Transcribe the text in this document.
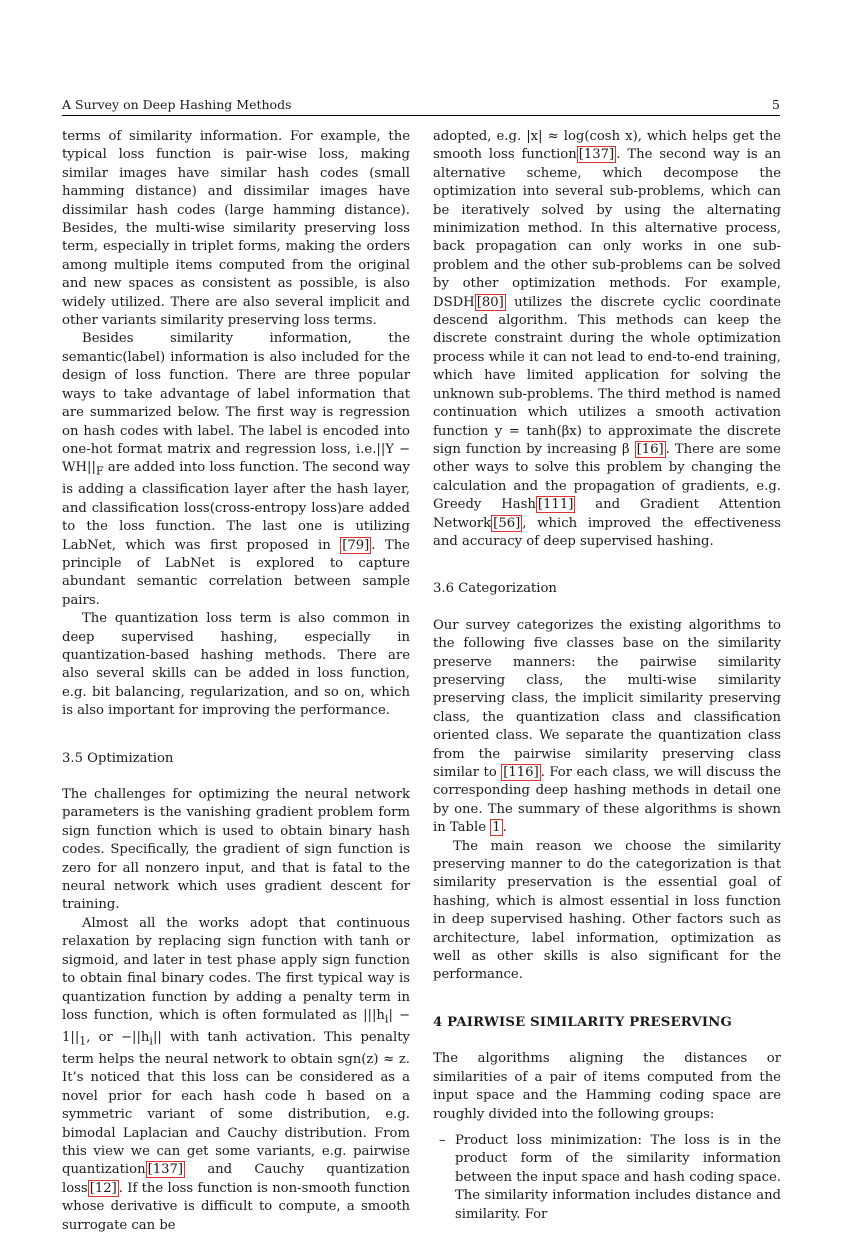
A Survey on Deep Hashing Methods	5

terms of similarity information. For example, the typical loss function is pair-wise loss, making similar images have similar hash codes (small hamming distance) and dissimilar images have dissimilar hash codes (large hamming distance). Besides, the multi-wise similarity preserving loss term, especially in triplet forms, making the orders among multiple items computed from the original and new spaces as consistent as possible, is also widely utilized. There are also several implicit and other variants similarity preserving loss terms.

Besides similarity information, the semantic(label) information is also included for the design of loss function. There are three popular ways to take advantage of label information that are summarized below. The first way is regression on hash codes with label. The label is encoded into one-hot format matrix and regression loss, $i.e.||Y - WH||_F$ are added into loss function. The second way is adding a classification layer after the hash layer, and classification loss(cross-entropy loss)are added to the loss function. The last one is utilizing LabNet, which was first proposed in [79] . The principle of LabNet is explored to capture abundant semantic correlation between sample pairs.

The quantization loss term is also common in deep supervised hashing, especially in quantization-based hashing methods. There are also several skills can be added in loss function, e.g. bit balancing, regularization, and so on, which is also important for improving the performance.

3.5 Optimization

The challenges for optimizing the neural network parameters is the vanishing gradient problem form sign function which is used to obtain binary hash codes. Specifically, the gradient of sign function is zero for all nonzero input, and that is fatal to the neural network which uses gradient descent for training.

Almost all the works adopt that continuous relaxation by replacing sign function with tanh or sigmoid, and later in test phase apply sign function to obtain final binary codes. The first typical way is quantization function by adding a penalty term in loss function, which is often formulated as $|||h_i| - 1||_1$, or $-||h_i||$ with tanh activation. This penalty term helps the neural network to obtain sgn(z) ≈ z. It’s noticed that this loss can be considered as a novel prior for each hash code h based on a symmetric variant of some distribution, e.g. bimodal Laplacian and Cauchy distribution. From this view we can get some variants, e.g. pairwise quantization [137] and Cauchy quantization loss [12] . If the loss function is non-smooth function whose derivative is difficult to compute, a smooth surrogate can be

adopted, e.g. |x| ≈ log(cosh x), which helps get the smooth loss function [137] . The second way is an alternative scheme, which decompose the optimization into several sub-problems, which can be iteratively solved by using the alternating minimization method. In this alternative process, back propagation can only works in one sub-problem and the other sub-problems can be solved by other optimization methods. For example, DSDH [80] utilizes the discrete cyclic coordinate descend algorithm. This methods can keep the discrete constraint during the whole optimization process while it can not lead to end-to-end training, which have limited application for solving the unknown sub-problems. The third method is named continuation which utilizes a smooth activation function y = tanh(βx) to approximate the discrete sign function by increasing β [16] . There are some other ways to solve this problem by changing the calculation and the propagation of gradients, e.g. Greedy Hash [111] and Gradient Attention Network [56] , which improved the effectiveness and accuracy of deep supervised hashing.

3.6 Categorization

Our survey categorizes the existing algorithms to the following five classes base on the similarity preserve manners: the pairwise similarity preserving class, the multi-wise similarity preserving class, the implicit similarity preserving class, the quantization class and classification oriented class. We separate the quantization class from the pairwise similarity preserving class similar to [116] . For each class, we will discuss the corresponding deep hashing methods in detail one by one. The summary of these algorithms is shown in Table 1 .

The main reason we choose the similarity preserving manner to do the categorization is that similarity preservation is the essential goal of hashing, which is almost essential in loss function in deep supervised hashing. Other factors such as architecture, label information, optimization as well as other skills is also significant for the performance.

4 PAIRWISE SIMILARITY PRESERVING

The algorithms aligning the distances or similarities of a pair of items computed from the input space and the Hamming coding space are roughly divided into the following groups:

– Product loss minimization: The loss is in the product form of the similarity information between the input space and hash coding space. The similarity information includes distance and similarity. For
